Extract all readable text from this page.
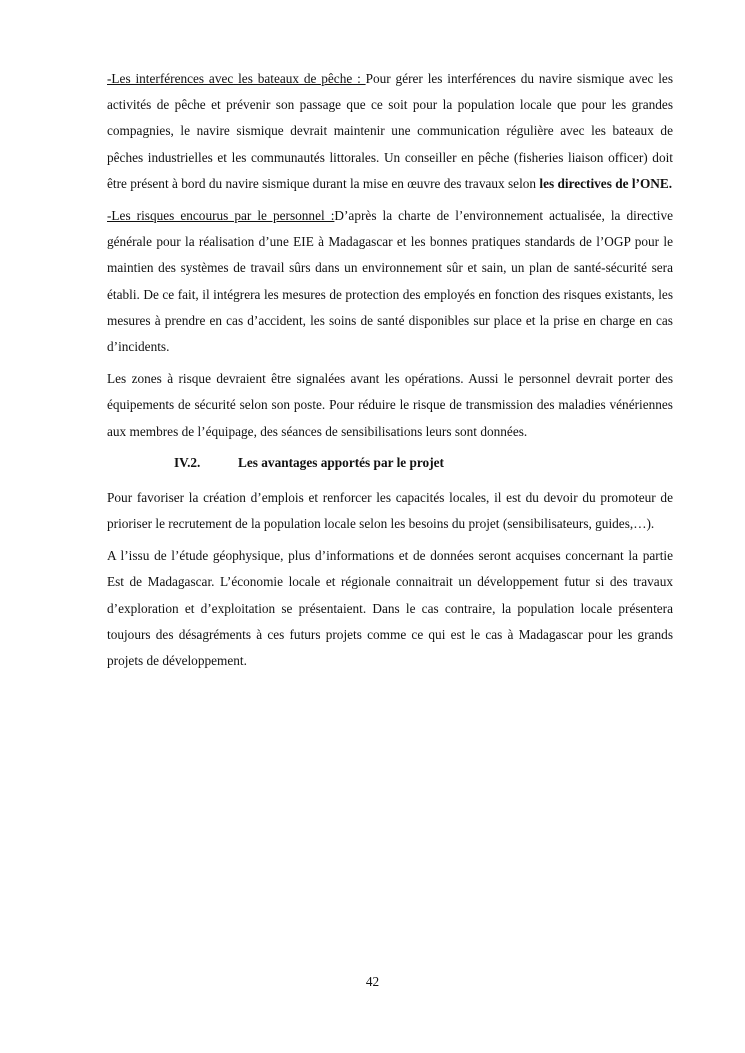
-Les interférences avec les bateaux de pêche : Pour gérer les interférences du navire sismique avec les activités de pêche et prévenir son passage que ce soit pour la population locale que pour les grandes compagnies, le navire sismique devrait maintenir une communication régulière avec les bateaux de pêches industrielles et les communautés littorales. Un conseiller en pêche (fisheries liaison officer) doit être présent à bord du navire sismique durant la mise en œuvre des travaux selon les directives de l’ONE.

-Les risques encourus par le personnel :D’après la charte de l’environnement actualisée, la directive générale pour la réalisation d’une EIE à Madagascar et les bonnes pratiques standards de l’OGP pour le maintien des systèmes de travail sûrs dans un environnement sûr et sain, un plan de santé-sécurité sera établi. De ce fait, il intégrera les mesures de protection des employés en fonction des risques existants, les mesures à prendre en cas d’accident, les soins de santé disponibles sur place et la prise en charge en cas d’incidents.

Les zones à risque devraient être signalées avant les opérations. Aussi le personnel devrait porter des équipements de sécurité selon son poste. Pour réduire le risque de transmission des maladies vénériennes aux membres de l’équipage, des séances de sensibilisations leurs sont données.

IV.2.	Les avantages apportés par le projet

Pour favoriser la création d’emplois et renforcer les capacités locales, il est du devoir du promoteur de prioriser le recrutement de la population locale selon les besoins du projet (sensibilisateurs, guides,…).

A l’issu de l’étude géophysique, plus d’informations et de données seront acquises concernant la partie Est de Madagascar. L’économie locale et régionale connaitrait un développement futur si des travaux d’exploration et d’exploitation se présentaient. Dans le cas contraire, la population locale présentera toujours des désagréments à ces futurs projets comme ce qui est le cas à Madagascar pour les grands projets de développement.

42
